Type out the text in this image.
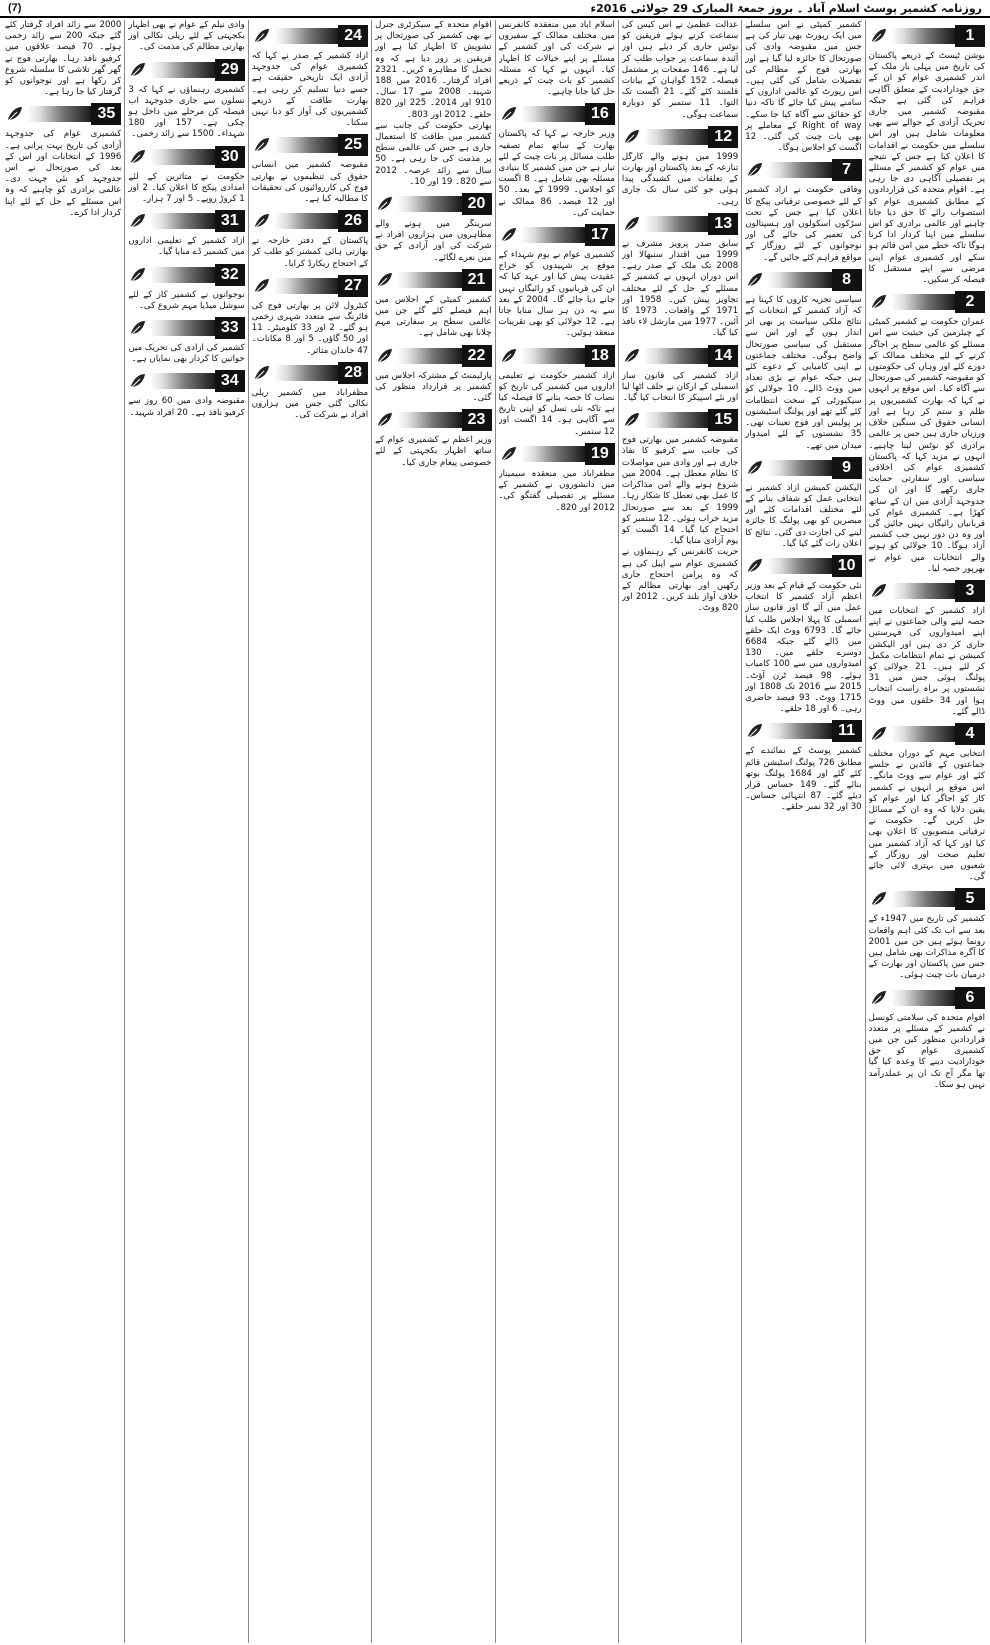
(7)	روزنامہ کشمیر پوسٹ اسلام آباد ۔ بروز جمعۃ المبارک 29 جولائی 2016ء
1
بوشن ٹیسٹ کے ذریعے پاکستان کی تاریخ میں پہلی بار ملک کے اندر کشمیری عوام کو ان کے حق خودارادیت کے متعلق آگاہی فراہم کی گئی ہے جبکہ مقبوضہ کشمیر میں جاری تحریک آزادی کے حوالے سے بھی معلومات شامل ہیں اور اس سلسلے میں حکومت نے اقدامات کا اعلان کیا ہے جس کے نتیجے میں عوام کو کشمیر کے مسئلے پر تفصیلی آگاہی دی جا رہی ہے۔ اقوام متحدہ کی قراردادوں کے مطابق کشمیری عوام کو استصواب رائے کا حق دیا جانا چاہیے اور عالمی برادری کو اس سلسلے میں اپنا کردار ادا کرنا ہوگا تاکہ خطے میں امن قائم ہو سکے اور کشمیری عوام اپنی مرضی سے اپنے مستقبل کا فیصلہ کر سکیں۔
2
عمران حکومت نے کشمیر کمیٹی کے چیئرمین کی حیثیت سے اس مسئلے کو عالمی سطح پر اجاگر کرنے کے لئے مختلف ممالک کے دورے کئے اور وہاں کی حکومتوں کو مقبوضہ کشمیر کی صورتحال سے آگاہ کیا۔ اس موقع پر انہوں نے کہا کہ بھارت کشمیریوں پر ظلم و ستم کر رہا ہے اور انسانی حقوق کی سنگین خلاف ورزیاں جاری ہیں جس پر عالمی برادری کو نوٹس لینا چاہیے۔ انہوں نے مزید کہا کہ پاکستان کشمیری عوام کی اخلاقی سیاسی اور سفارتی حمایت جاری رکھے گا اور ان کی جدوجہد آزادی میں ان کے ساتھ کھڑا ہے۔ کشمیری عوام کی قربانیاں رائیگاں نہیں جائیں گی اور وہ دن دور نہیں جب کشمیر آزاد ہوگا۔ 10 جولائی کو ہونے والے انتخابات میں عوام نے بھرپور حصہ لیا۔
3
آزاد کشمیر کے انتخابات میں حصہ لینے والی جماعتوں نے اپنے اپنے امیدواروں کی فہرستیں جاری کر دی ہیں اور الیکشن کمیشن نے تمام انتظامات مکمل کر لئے ہیں۔ 21 جولائی کو پولنگ ہوئی جس میں 31 نشستوں پر براہ راست انتخاب ہوا اور 34 حلقوں میں ووٹ ڈالے گئے۔
4
انتخابی مہم کے دوران مختلف جماعتوں کے قائدین نے جلسے کئے اور عوام سے ووٹ مانگے۔ اس موقع پر انہوں نے کشمیر کاز کو اجاگر کیا اور عوام کو یقین دلایا کہ وہ ان کے مسائل حل کریں گے۔ حکومت نے ترقیاتی منصوبوں کا اعلان بھی کیا اور کہا کہ آزاد کشمیر میں تعلیم صحت اور روزگار کے شعبوں میں بہتری لائی جائے گی۔
5
کشمیر کی تاریخ میں 1947ء کے بعد سے اب تک کئی اہم واقعات رونما ہوئے ہیں جن میں 2001 کا آگرہ مذاکرات بھی شامل ہیں جس میں پاکستان اور بھارت کے درمیان بات چیت ہوئی۔
6
اقوام متحدہ کی سلامتی کونسل نے کشمیر کے مسئلے پر متعدد قراردادیں منظور کیں جن میں کشمیری عوام کو حق خودارادیت دینے کا وعدہ کیا گیا تھا مگر آج تک ان پر عملدرآمد نہیں ہو سکا۔
کشمیر کمیٹی نے اس سلسلے میں ایک رپورٹ بھی تیار کی ہے جس میں مقبوضہ وادی کی صورتحال کا جائزہ لیا گیا ہے اور بھارتی فوج کے مظالم کی تفصیلات شامل کی گئی ہیں۔ اس رپورٹ کو عالمی اداروں کے سامنے پیش کیا جائے گا تاکہ دنیا کو حقائق سے آگاہ کیا جا سکے۔ Right of way کے معاملے پر بھی بات چیت کی گئی۔ 12 اگست کو اجلاس ہوگا۔
7
وفاقی حکومت نے آزاد کشمیر کے لئے خصوصی ترقیاتی پیکج کا اعلان کیا ہے جس کے تحت سڑکوں اسکولوں اور ہسپتالوں کی تعمیر کی جائے گی اور نوجوانوں کے لئے روزگار کے مواقع فراہم کئے جائیں گے۔
8
سیاسی تجزیہ کاروں کا کہنا ہے کہ آزاد کشمیر کے انتخابات کے نتائج ملکی سیاست پر بھی اثر انداز ہوں گے اور اس سے مستقبل کی سیاسی صورتحال واضح ہوگی۔ مختلف جماعتوں نے اپنی کامیابی کے دعوے کئے ہیں جبکہ عوام نے بڑی تعداد میں ووٹ ڈالے۔ 10 جولائی کو سیکیورٹی کے سخت انتظامات کئے گئے تھے اور پولنگ اسٹیشنوں پر پولیس اور فوج تعینات تھی۔ 35 نشستوں کے لئے امیدوار میدان میں تھے۔
9
الیکشن کمیشن آزاد کشمیر نے انتخابی عمل کو شفاف بنانے کے لئے مختلف اقدامات کئے اور مبصرین کو بھی پولنگ کا جائزہ لینے کی اجازت دی گئی۔ نتائج کا اعلان رات گئے کیا گیا۔
10
نئی حکومت کے قیام کے بعد وزیر اعظم آزاد کشمیر کا انتخاب عمل میں آئے گا اور قانون ساز اسمبلی کا پہلا اجلاس طلب کیا جائے گا۔ 6793 ووٹ ایک حلقے میں ڈالے گئے جبکہ 6684 دوسرے حلقے میں۔ 130 امیدواروں میں سے 100 کامیاب ہوئے۔ 98 فیصد ٹرن آؤٹ۔ 2015 سے 2016 تک 1808 اور 1715 ووٹ۔ 93 فیصد حاضری رہی۔ 6 اور 18 حلقے۔
11
کشمیر پوسٹ کے نمائندے کے مطابق 726 پولنگ اسٹیشن قائم کئے گئے اور 1684 پولنگ بوتھ بنائے گئے۔ 149 حساس قرار دیئے گئے۔ 87 انتہائی حساس۔ 30 اور 32 نمبر حلقے۔
عدالت عظمیٰ نے اس کیس کی سماعت کرتے ہوئے فریقین کو نوٹس جاری کر دیئے ہیں اور آئندہ سماعت پر جواب طلب کر لیا ہے۔ 146 صفحات پر مشتمل فیصلہ۔ 152 گواہان کے بیانات قلمبند کئے گئے۔ 21 اگست تک التوا۔ 11 ستمبر کو دوبارہ سماعت ہوگی۔
12
1999 میں ہونے والے کارگل تنازعہ کے بعد پاکستان اور بھارت کے تعلقات میں کشیدگی پیدا ہوئی جو کئی سال تک جاری رہی۔
13
سابق صدر پرویز مشرف نے 1999 میں اقتدار سنبھالا اور 2008 تک ملک کے صدر رہے۔ اس دوران انہوں نے کشمیر کے مسئلے کے حل کے لئے مختلف تجاویز پیش کیں۔ 1958 اور 1971 کے واقعات۔ 1973 کا آئین۔ 1977 میں مارشل لاء نافذ کیا گیا۔
14
آزاد کشمیر کی قانون ساز اسمبلی کے ارکان نے حلف اٹھا لیا اور نئے اسپیکر کا انتخاب کیا گیا۔
15
مقبوضہ کشمیر میں بھارتی فوج کی جانب سے کرفیو کا نفاذ جاری ہے اور وادی میں مواصلات کا نظام معطل ہے۔ 2004 میں شروع ہونے والے امن مذاکرات کا عمل بھی تعطل کا شکار رہا۔ 1999 کے بعد سے صورتحال مزید خراب ہوئی۔ 12 ستمبر کو احتجاج کیا گیا۔ 14 اگست کو یوم آزادی منایا گیا۔
حریت کانفرنس کے رہنماؤں نے کشمیری عوام سے اپیل کی ہے کہ وہ پرامن احتجاج جاری رکھیں اور بھارتی مظالم کے خلاف آواز بلند کریں۔ 2012 اور 820 ووٹ۔
اسلام آباد میں منعقدہ کانفرنس میں مختلف ممالک کے سفیروں نے شرکت کی اور کشمیر کے مسئلے پر اپنے خیالات کا اظہار کیا۔ انہوں نے کہا کہ مسئلہ کشمیر کو بات چیت کے ذریعے حل کیا جانا چاہیے۔
16
وزیر خارجہ نے کہا کہ پاکستان بھارت کے ساتھ تمام تصفیہ طلب مسائل پر بات چیت کے لئے تیار ہے جن میں کشمیر کا بنیادی مسئلہ بھی شامل ہے۔ 8 اگست کو اجلاس۔ 1999 کے بعد۔ 50 اور 12 فیصد۔ 86 ممالک نے حمایت کی۔
17
کشمیری عوام نے یوم شہداء کے موقع پر شہیدوں کو خراج عقیدت پیش کیا اور عہد کیا کہ ان کی قربانیوں کو رائیگاں نہیں جانے دیا جائے گا۔ 2004 کے بعد سے یہ دن ہر سال منایا جاتا ہے۔ 12 جولائی کو بھی تقریبات منعقد ہوئیں۔
18
آزاد کشمیر حکومت نے تعلیمی اداروں میں کشمیر کی تاریخ کو نصاب کا حصہ بنانے کا فیصلہ کیا ہے تاکہ نئی نسل کو اپنی تاریخ سے آگاہی ہو۔ 14 اگست اور 12 ستمبر۔
19
مظفرآباد میں منعقدہ سیمینار میں دانشوروں نے کشمیر کے مسئلے پر تفصیلی گفتگو کی۔ 2012 اور 820۔
اقوام متحدہ کے سیکرٹری جنرل نے بھی کشمیر کی صورتحال پر تشویش کا اظہار کیا ہے اور فریقین پر زور دیا ہے کہ وہ تحمل کا مظاہرہ کریں۔ 2321 افراد گرفتار۔ 2016 میں 188 شہید۔ 2008 سے 17 سال۔ 910 اور 2014۔ 225 اور 820 حلقے۔ 2012 اور 803۔
بھارتی حکومت کی جانب سے کشمیر میں طاقت کا استعمال جاری ہے جس کی عالمی سطح پر مذمت کی جا رہی ہے۔ 50 سال سے زائد عرصہ۔ 2012 سے 820۔ 19 اور 10۔
20
سرینگر میں ہونے والے مظاہروں میں ہزاروں افراد نے شرکت کی اور آزادی کے حق میں نعرے لگائے۔
21
کشمیر کمیٹی کے اجلاس میں اہم فیصلے کئے گئے جن میں عالمی سطح پر سفارتی مہم چلانا بھی شامل ہے۔
22
پارلیمنٹ کے مشترکہ اجلاس میں کشمیر پر قرارداد منظور کی گئی۔
23
وزیر اعظم نے کشمیری عوام کے ساتھ اظہار یکجہتی کے لئے خصوصی پیغام جاری کیا۔
24
آزاد کشمیر کے صدر نے کہا کہ کشمیری عوام کی جدوجہد آزادی ایک تاریخی حقیقت ہے جسے دنیا تسلیم کر رہی ہے۔ بھارت طاقت کے ذریعے کشمیریوں کی آواز کو دبا نہیں سکتا۔
25
مقبوضہ کشمیر میں انسانی حقوق کی تنظیموں نے بھارتی فوج کی کارروائیوں کی تحقیقات کا مطالبہ کیا ہے۔
26
پاکستان کے دفتر خارجہ نے بھارتی ہائی کمشنر کو طلب کر کے احتجاج ریکارڈ کرایا۔
27
کنٹرول لائن پر بھارتی فوج کی فائرنگ سے متعدد شہری زخمی ہو گئے۔ 2 اور 33 کلومیٹر۔ 11 اور 50 گاؤں۔ 5 اور 8 مکانات۔ 47 خاندان متاثر۔
28
مظفرآباد میں کشمیر ریلی نکالی گئی جس میں ہزاروں افراد نے شرکت کی۔
وادی نیلم کے عوام نے بھی اظہار یکجہتی کے لئے ریلی نکالی اور بھارتی مظالم کی مذمت کی۔
29
کشمیری رہنماؤں نے کہا کہ 3 نسلوں سے جاری جدوجہد اب فیصلہ کن مرحلے میں داخل ہو چکی ہے۔ 157 اور 180 شہداء۔ 1500 سے زائد زخمی۔
30
حکومت نے متاثرین کے لئے امدادی پیکج کا اعلان کیا۔ 2 اور 1 کروڑ روپے۔ 5 اور 7 ہزار۔
31
آزاد کشمیر کے تعلیمی اداروں میں کشمیر ڈے منایا گیا۔
32
نوجوانوں نے کشمیر کاز کے لئے سوشل میڈیا مہم شروع کی۔
33
کشمیر کی آزادی کی تحریک میں خواتین کا کردار بھی نمایاں ہے۔
34
مقبوضہ وادی میں 60 روز سے کرفیو نافذ ہے۔ 20 افراد شہید۔
2000 سے زائد افراد گرفتار کئے گئے جبکہ 200 سے زائد زخمی ہوئے۔ 70 فیصد علاقوں میں کرفیو نافذ رہا۔ بھارتی فوج نے گھر گھر تلاشی کا سلسلہ شروع کر رکھا ہے اور نوجوانوں کو گرفتار کیا جا رہا ہے۔
35
کشمیری عوام کی جدوجہد آزادی کی تاریخ بہت پرانی ہے۔ 1996 کے انتخابات اور اس کے بعد کی صورتحال نے اس جدوجہد کو نئی جہت دی۔ عالمی برادری کو چاہیے کہ وہ اس مسئلے کے حل کے لئے اپنا کردار ادا کرے۔
